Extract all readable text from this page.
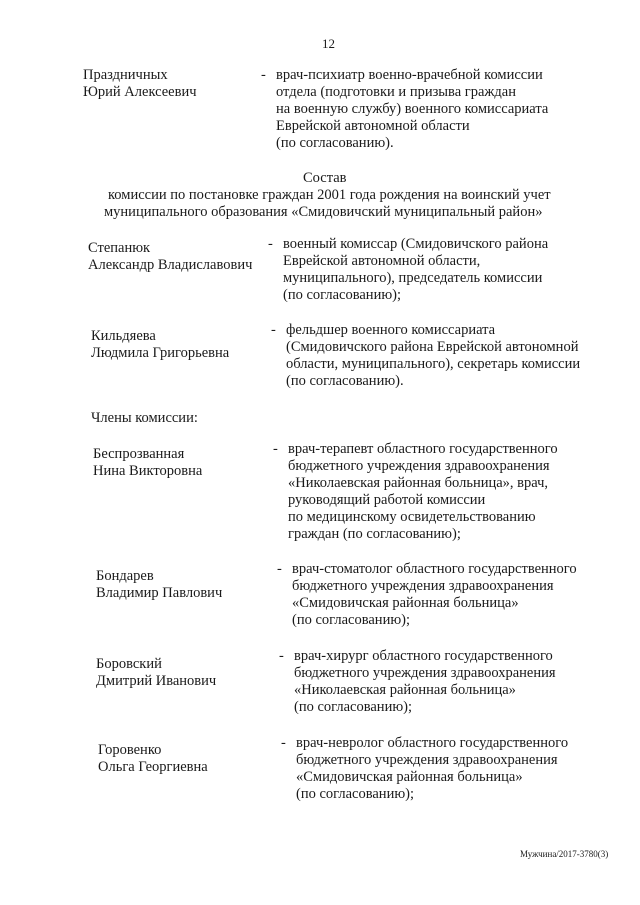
12
Праздничных
Юрий Алексеевич
- врач-психиатр военно-врачебной комиссии
отдела (подготовки и призыва граждан
на военную службу) военного комиссариата
Еврейской автономной области
(по согласованию).
Состав
комиссии по постановке граждан 2001 года рождения на воинский учет
муниципального образования «Смидовичский муниципальный район»
Степанюк
Александр Владиславович
- военный комиссар (Смидовичского района
Еврейской автономной области,
муниципального), председатель комиссии
(по согласованию);
Кильдяева
Людмила Григорьевна
- фельдшер военного комиссариата
(Смидовичского района Еврейской автономной
области, муниципального), секретарь комиссии
(по согласованию).
Члены комиссии:
Беспрозванная
Нина Викторовна
- врач-терапевт областного государственного
бюджетного учреждения здравоохранения
«Николаевская районная больница», врач,
руководящий работой комиссии
по медицинскому освидетельствованию
граждан (по согласованию);
Бондарев
Владимир Павлович
- врач-стоматолог областного государственного
бюджетного учреждения здравоохранения
«Смидовичская районная больница»
(по согласованию);
Боровский
Дмитрий Иванович
- врач-хирург областного государственного
бюджетного учреждения здравоохранения
«Николаевская районная больница»
(по согласованию);
Горовенко
Ольга Георгиевна
- врач-невролог областного государственного
бюджетного учреждения здравоохранения
«Смидовичская районная больница»
(по согласованию);
Мужчина/2017-3780(3)
